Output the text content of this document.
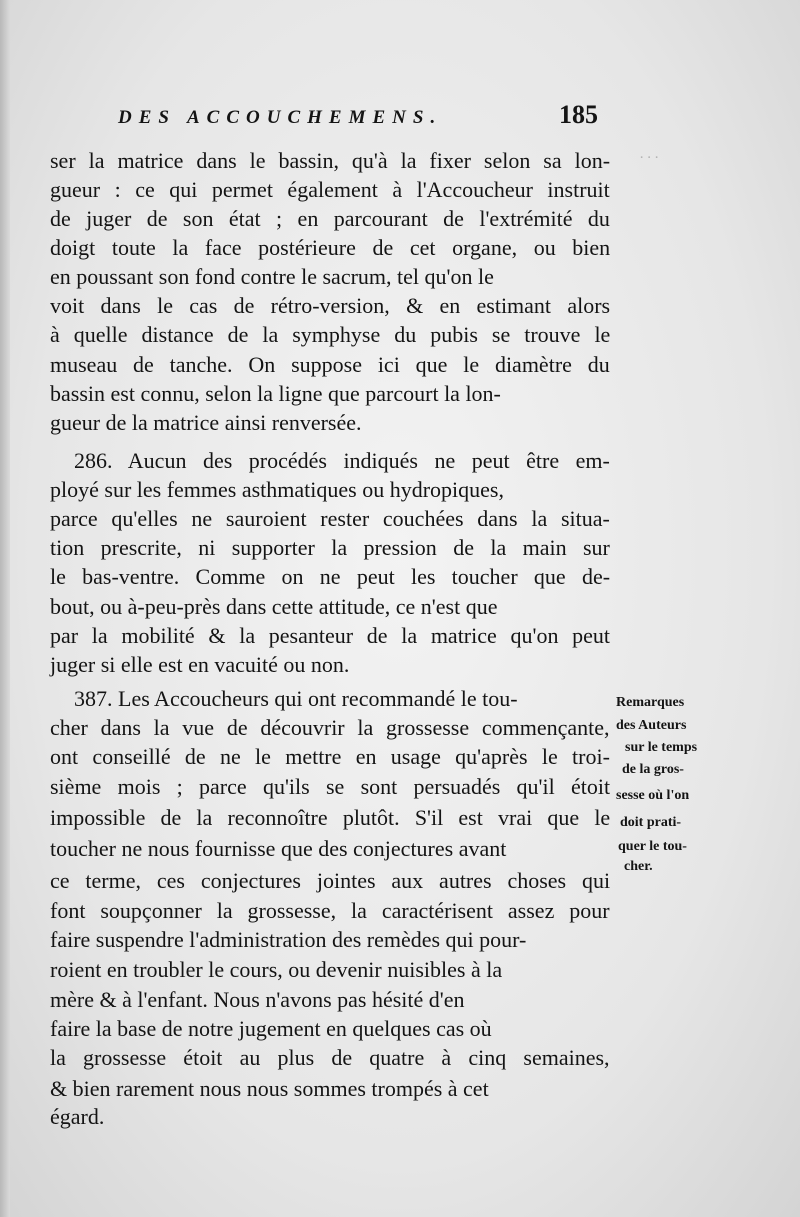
· · ·
DES ACCOUCHEMENS.	185
ser la matrice dans le bassin, qu'à la fixer selon sa lon-
gueur : ce qui permet également à l'Accoucheur instruit
de juger de son état ; en parcourant de l'extrémité du
doigt toute la face postérieure de cet organe, ou bien
en poussant son fond contre le sacrum, tel qu'on le
voit dans le cas de rétro-version, & en estimant alors
à quelle distance de la symphyse du pubis se trouve le
museau de tanche. On suppose ici que le diamètre du
bassin est connu, selon la ligne que parcourt la lon-
gueur de la matrice ainsi renversée.
286. Aucun des procédés indiqués ne peut être em-
ployé sur les femmes asthmatiques ou hydropiques,
parce qu'elles ne sauroient rester couchées dans la situa-
tion prescrite, ni supporter la pression de la main sur
le bas-ventre. Comme on ne peut les toucher que de-
bout, ou à-peu-près dans cette attitude, ce n'est que
par la mobilité & la pesanteur de la matrice qu'on peut
juger si elle est en vacuité ou non.
387. Les Accoucheurs qui ont recommandé le tou-
cher dans la vue de découvrir la grossesse commençante,
ont conseillé de ne le mettre en usage qu'après le troi-
sième mois ; parce qu'ils se sont persuadés qu'il étoit
impossible de la reconnoître plutôt. S'il est vrai que le
toucher ne nous fournisse que des conjectures avant
ce terme, ces conjectures jointes aux autres choses qui
font soupçonner la grossesse, la caractérisent assez pour
faire suspendre l'administration des remèdes qui pour-
roient en troubler le cours, ou devenir nuisibles à la
mère & à l'enfant. Nous n'avons pas hésité d'en
faire la base de notre jugement en quelques cas où
la grossesse étoit au plus de quatre à cinq semaines,
& bien rarement nous nous sommes trompés à cet
égard.
Remarques
des Auteurs
sur le temps
de la gros-
sesse où l'on
doit prati-
quer le tou-
cher.
